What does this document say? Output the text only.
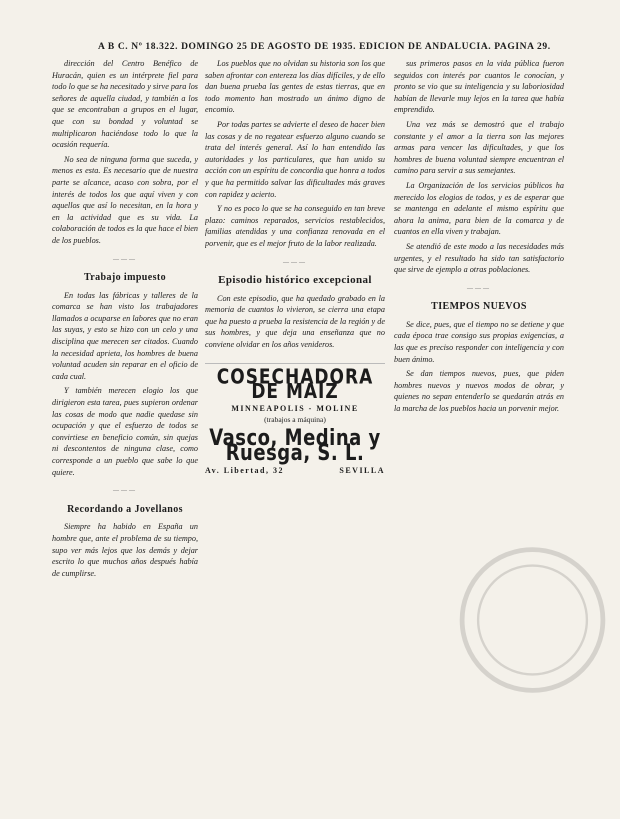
A B C. Nº 18.322. DOMINGO 25 DE AGOSTO DE 1935. EDICION DE ANDALUCIA. PAGINA 29.

dirección del Centro Benéfico de Huracán, quien es un intérprete fiel para todo lo que se ha necesitado y sirve para los señores de aquella ciudad, y también a los que se encontraban a grupos en el lugar, que con su bondad y voluntad se multiplicaron haciéndose todo lo que la ocasión requería.

No sea de ninguna forma que suceda, y menos es esta. Es necesario que de nuestra parte se alcance, acaso con sobra, por el interés de todos los que aquí viven y con aquellos que así lo necesitan, en la hora y en la actividad que es su vida. La colaboración de todos es la que hace el bien de los pueblos.

———
Trabajo impuesto

En todas las fábricas y talleres de la comarca se han visto los trabajadores llamados a ocuparse en labores que no eran las suyas, y esto se hizo con un celo y una disciplina que merecen ser citados. Cuando la necesidad aprieta, los hombres de buena voluntad acuden sin reparar en el oficio de cada cual.

Y también merecen elogio los que dirigieron esta tarea, pues supieron ordenar las cosas de modo que nadie quedase sin ocupación y que el esfuerzo de todos se convirtiese en beneficio común, sin quejas ni descontentos de ninguna clase, como corresponde a un pueblo que sabe lo que quiere.

———
Recordando a Jovellanos

Siempre ha habido en España un hombre que, ante el problema de su tiempo, supo ver más lejos que los demás y dejar escrito lo que muchos años después había de cumplirse.

Los pueblos que no olvidan su historia son los que saben afrontar con entereza los días difíciles, y de ello dan buena prueba las gentes de estas tierras, que en todo momento han mostrado un ánimo digno de encomio.

Por todas partes se advierte el deseo de hacer bien las cosas y de no regatear esfuerzo alguno cuando se trata del interés general. Así lo han entendido las autoridades y los particulares, que han unido su acción con un espíritu de concordia que honra a todos y que ha permitido salvar las dificultades más graves con rapidez y acierto.

Y no es poco lo que se ha conseguido en tan breve plazo: caminos reparados, servicios restablecidos, familias atendidas y una confianza renovada en el porvenir, que es el mejor fruto de la labor realizada.

———
Episodio histórico excepcional

Con este episodio, que ha quedado grabado en la memoria de cuantos lo vivieron, se cierra una etapa que ha puesto a prueba la resistencia de la región y de sus hombres, y que deja una enseñanza que no conviene olvidar en los años venideros.

COSECHADORA DE MAIZ
MINNEAPOLIS - MOLINE
(trabajos a máquina)
Vasco, Medina y Ruesga, S. L.
Av. Libertad, 32	SEVILLA

sus primeros pasos en la vida pública fueron seguidos con interés por cuantos le conocían, y pronto se vio que su inteligencia y su laboriosidad habían de llevarle muy lejos en la tarea que había emprendido.

Una vez más se demostró que el trabajo constante y el amor a la tierra son las mejores armas para vencer las dificultades, y que los hombres de buena voluntad siempre encuentran el camino para servir a sus semejantes.

La Organización de los servicios públicos ha merecido los elogios de todos, y es de esperar que se mantenga en adelante el mismo espíritu que ahora la anima, para bien de la comarca y de cuantos en ella viven y trabajan.

Se atendió de este modo a las necesidades más urgentes, y el resultado ha sido tan satisfactorio que sirve de ejemplo a otras poblaciones.

———
TIEMPOS NUEVOS

Se dice, pues, que el tiempo no se detiene y que cada época trae consigo sus propias exigencias, a las que es preciso responder con inteligencia y con buen ánimo.

Se dan tiempos nuevos, pues, que piden hombres nuevos y nuevos modos de obrar, y quienes no sepan entenderlo se quedarán atrás en la marcha de los pueblos hacia un porvenir mejor.
